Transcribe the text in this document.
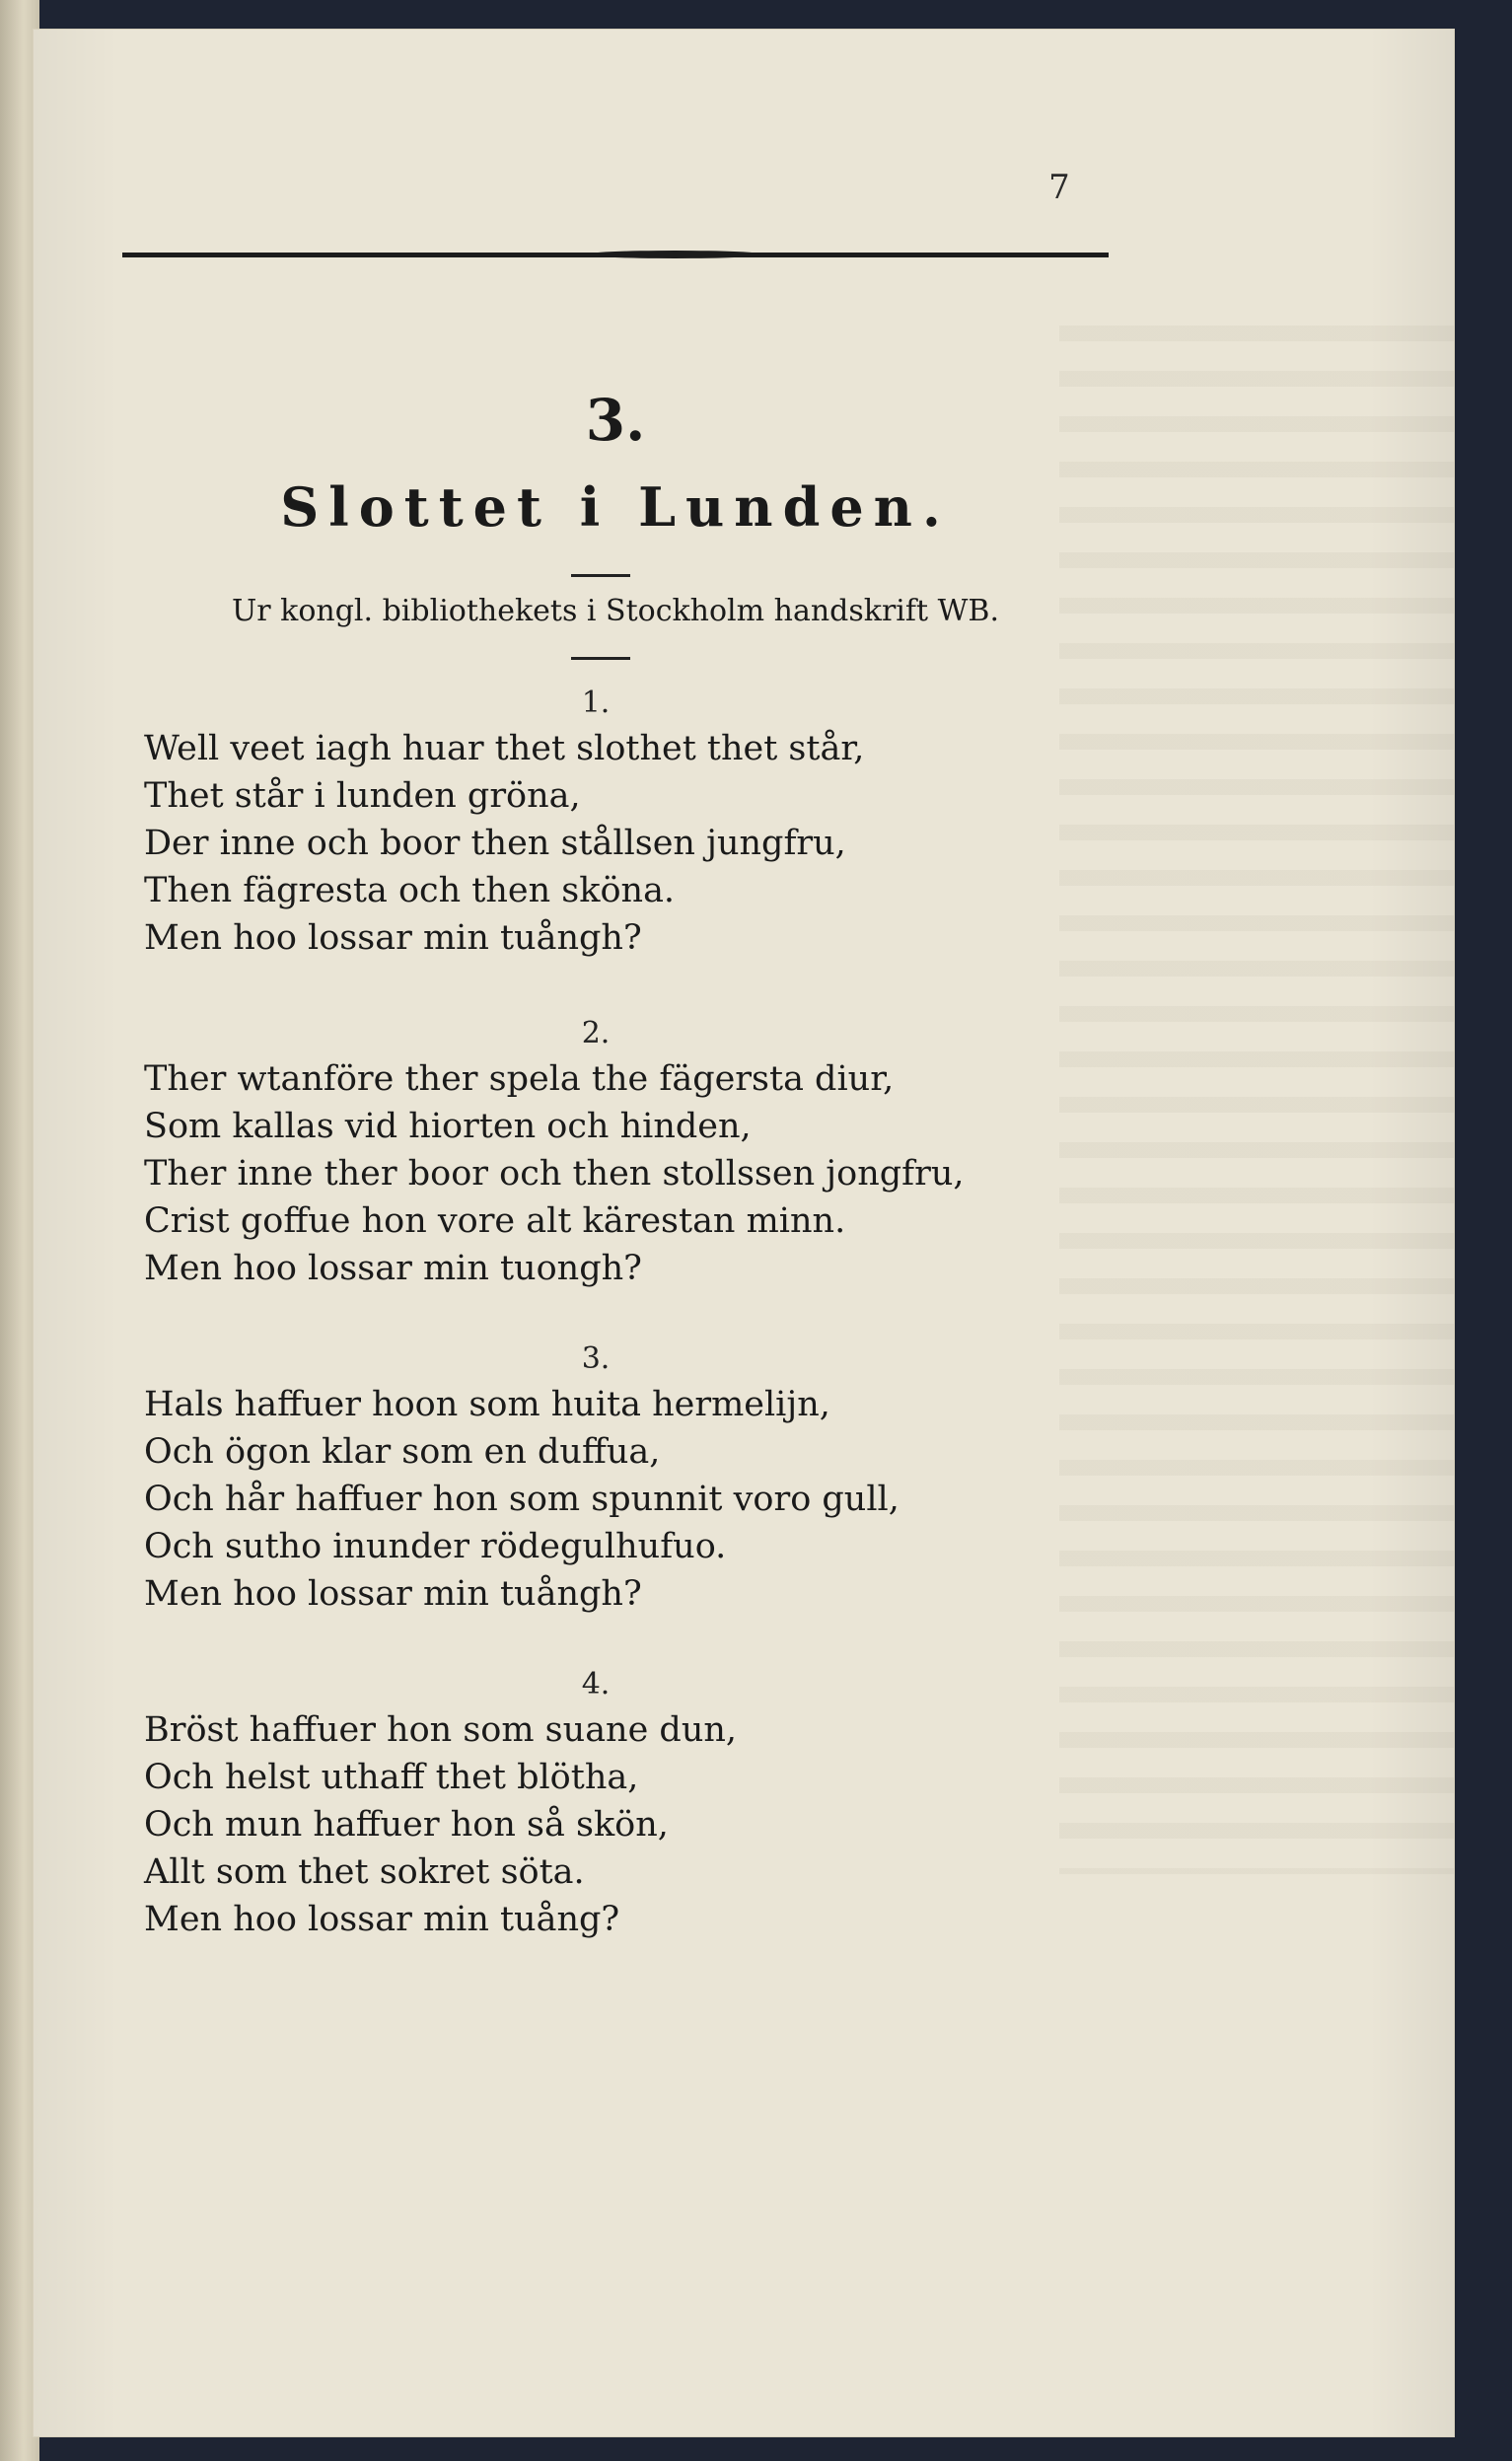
7
3.
Slottet i Lunden.
Ur kongl. bibliothekets i Stockholm handskrift WB.
1.
Well veet iagh huar thet slothet thet står,
Thet står i lunden gröna,
Der inne och boor then stållsen jungfru,
Then fägresta och then sköna.
Men hoo lossar min tuångh?
2.
Ther wtanföre ther spela the fägersta diur,
Som kallas vid hiorten och hinden,
Ther inne ther boor och then stollssen jongfru,
Crist goffue hon vore alt kärestan minn.
Men hoo lossar min tuongh?
3.
Hals haffuer hoon som huita hermelijn,
Och ögon klar som en duffua,
Och hår haffuer hon som spunnit voro gull,
Och sutho inunder rödegulhufuo.
Men hoo lossar min tuångh?
4.
Bröst haffuer hon som suane dun,
Och helst uthaff thet blötha,
Och mun haffuer hon så skön,
Allt som thet sokret söta.
Men hoo lossar min tuång?
